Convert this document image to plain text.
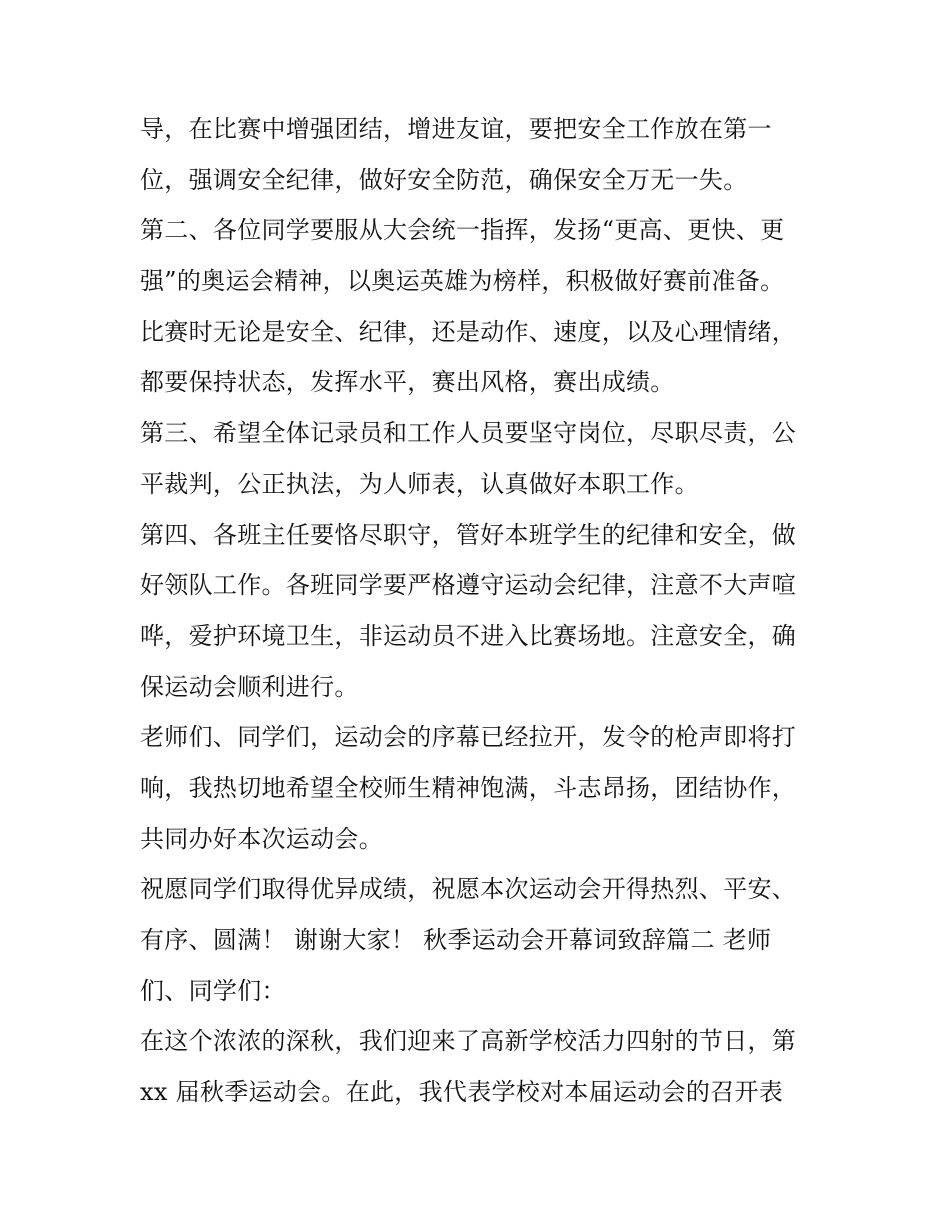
导，在比赛中增强团结，增进友谊，要把安全工作放在第一
位，强调安全纪律，做好安全防范，确保安全万无一失。
第二、各位同学要服从大会统一指挥，发扬“更高、更快、更
强”的奥运会精神，以奥运英雄为榜样，积极做好赛前准备。
比赛时无论是安全、纪律，还是动作、速度，以及心理情绪，
都要保持状态，发挥水平，赛出风格，赛出成绩。
第三、希望全体记录员和工作人员要坚守岗位，尽职尽责，公
平裁判，公正执法，为人师表，认真做好本职工作。
第四、各班主任要恪尽职守，管好本班学生的纪律和安全，做
好领队工作。各班同学要严格遵守运动会纪律，注意不大声喧
哗，爱护环境卫生，非运动员不进入比赛场地。注意安全，确
保运动会顺利进行。
老师们、同学们，运动会的序幕已经拉开，发令的枪声即将打
响，我热切地希望全校师生精神饱满，斗志昂扬，团结协作，
共同办好本次运动会。
祝愿同学们取得优异成绩，祝愿本次运动会开得热烈、平安、
有序、圆满！ 谢谢大家！ 秋季运动会开幕词致辞篇二 老师
们、同学们：
在这个浓浓的深秋，我们迎来了高新学校活力四射的节日，第
xx 届秋季运动会。在此，我代表学校对本届运动会的召开表
